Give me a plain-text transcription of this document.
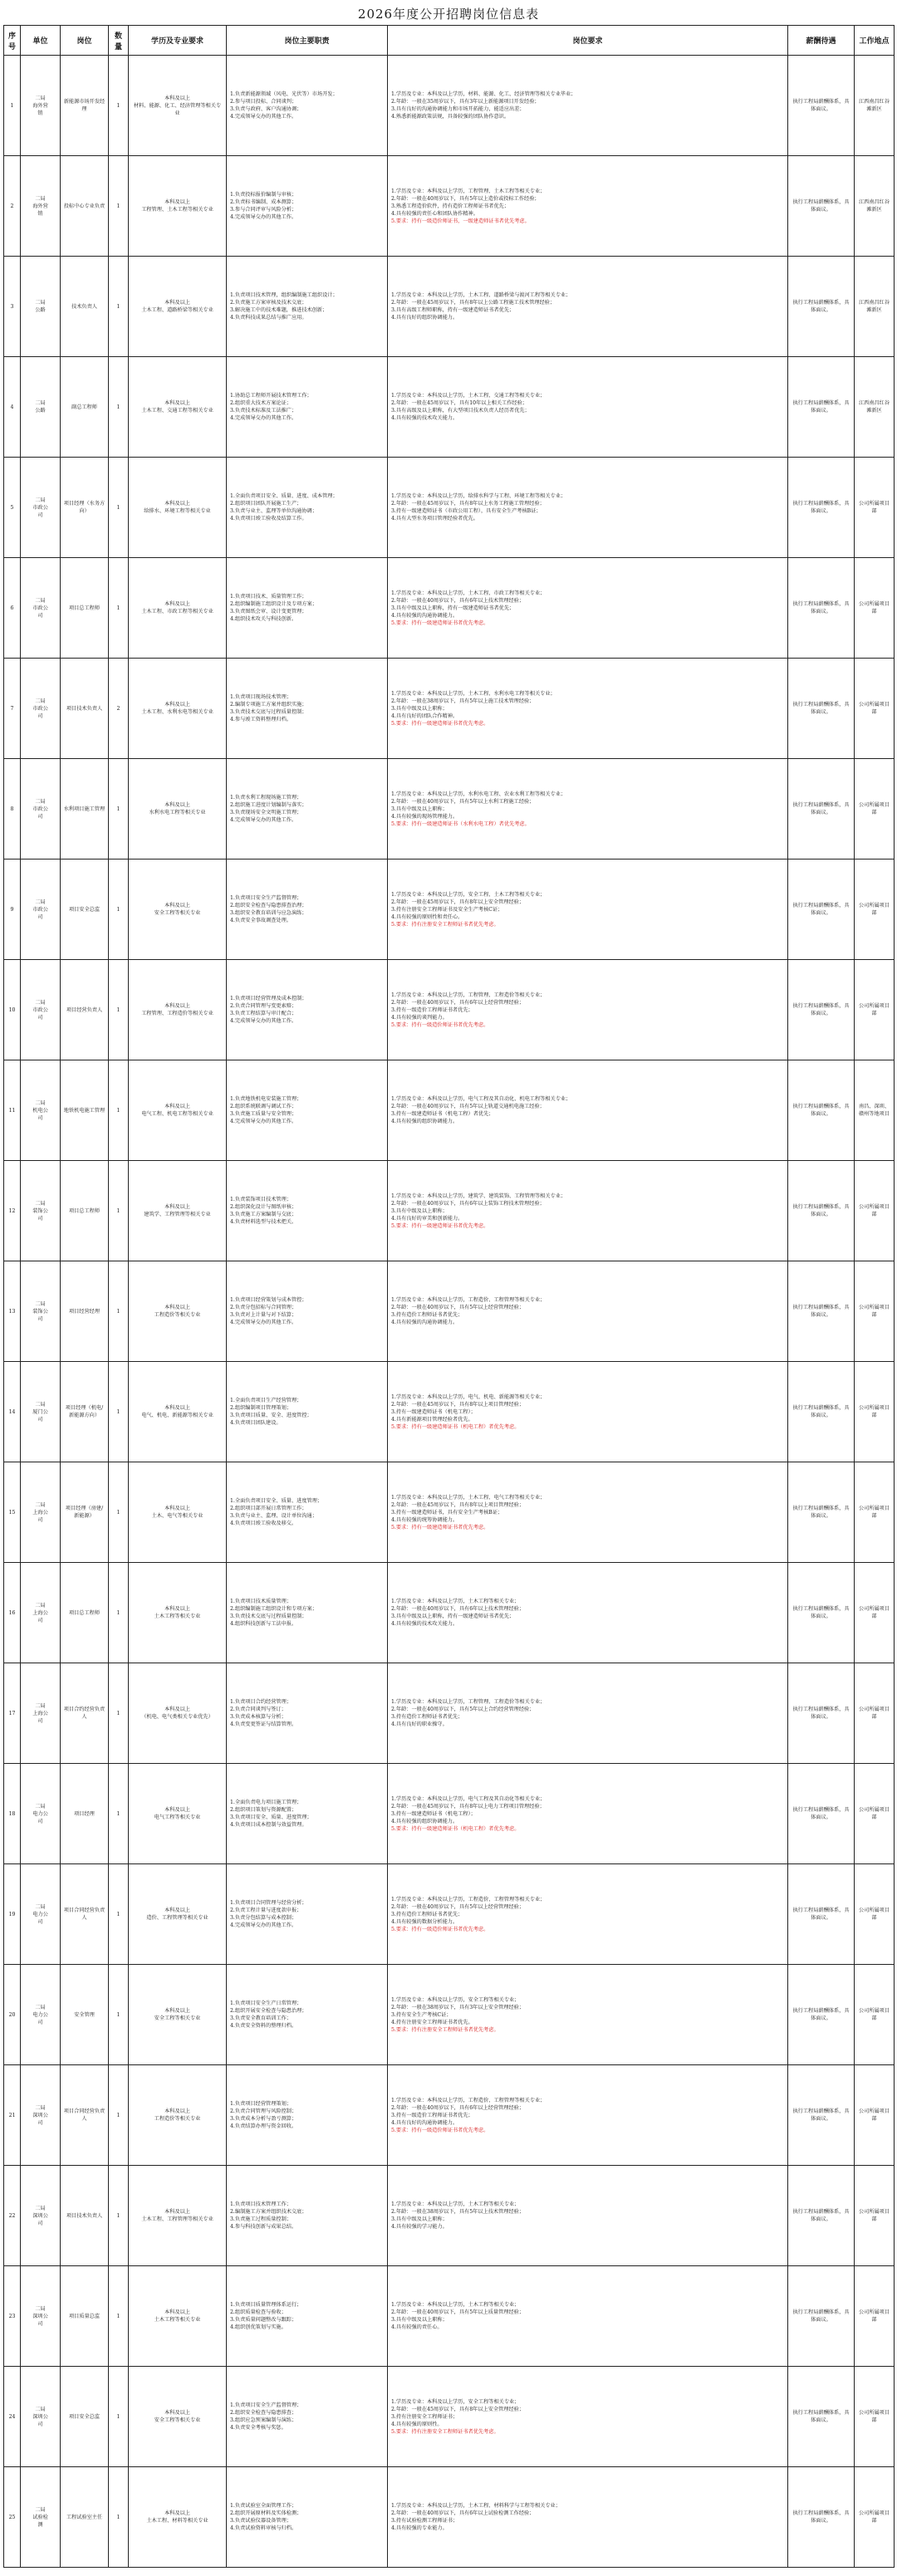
2026年度公开招聘岗位信息表
序号	单位	岗位	数量	学历及专业要求	岗位主要职责	岗位要求	薪酬待遇	工作地点
1	二局
海外营
销	新能源市场开发经理	1	本科及以上
材料、能源、化工、经济管理等相关专业	1.负责新能源领域（风电、光伏等）市场开发；
2.参与项目投标、合同谈判；
3.负责与政府、客户沟通协调；
4.完成领导交办的其他工作。	1.学历及专业：本科及以上学历，材料、能源、化工、经济管理等相关专业毕业；
2.年龄：一般在35周岁以下，具有3年以上新能源项目开发经验；
3.具有良好的沟通协调能力和市场开拓能力，能适应出差；
4.熟悉新能源政策法规，具备较强的团队协作意识。	执行工程局薪酬体系，具体面议。	江西南昌红谷滩新区
2	二局
海外营
销	投标中心专业负责	1	本科及以上
工程管理、土木工程等相关专业	1.负责投标报价编制与审核；
2.负责标书编制、成本测算；
3.参与合同评审与风险分析；
4.完成领导交办的其他工作。	1.学历及专业：本科及以上学历，工程管理、土木工程等相关专业；
2.年龄：一般在40周岁以下，具有5年以上造价或投标工作经验；
3.熟悉工程造价软件，持有造价工程师证书者优先；
4.具有较强的责任心和团队协作精神。
5.要求：持有一级造价师证书，一级建造师证书者优先考虑。	执行工程局薪酬体系，具体面议。	江西南昌红谷滩新区
3	二局
公路	技术负责人	1	本科及以上
土木工程、道路桥梁等相关专业	1.负责项目技术管理，组织编制施工组织设计；
2.负责施工方案审核及技术交底；
3.解决施工中的技术难题，推进技术创新；
4.负责科技成果总结与推广应用。	1.学历及专业：本科及以上学历，土木工程、道路桥梁与渡河工程等相关专业；
2.年龄：一般在45周岁以下，具有8年以上公路工程施工技术管理经验；
3.具有高级工程师职称，持有一级建造师证书者优先；
4.具有良好的组织协调能力。	执行工程局薪酬体系，具体面议。	江西南昌红谷滩新区
4	二局
公路	副总工程师	1	本科及以上
土木工程、交通工程等相关专业	1.协助总工程师开展技术管理工作；
2.组织重大技术方案论证；
3.负责技术标准及工法推广；
4.完成领导交办的其他工作。	1.学历及专业：本科及以上学历，土木工程、交通工程等相关专业；
2.年龄：一般在45周岁以下，具有10年以上相关工作经验；
3.具有高级及以上职称，有大型项目技术负责人经历者优先；
4.具有较强的技术攻关能力。	执行工程局薪酬体系，具体面议。	江西南昌红谷滩新区
5	二局
市政公
司	项目经理（水务方向）	1	本科及以上
给排水、环境工程等相关专业	1.全面负责项目安全、质量、进度、成本管理；
2.组织项目团队开展施工生产；
3.负责与业主、监理等单位沟通协调；
4.负责项目竣工验收及结算工作。	1.学历及专业：本科及以上学历，给排水科学与工程、环境工程等相关专业；
2.年龄：一般在45周岁以下，具有8年以上水务工程施工管理经验；
3.持有一级建造师证书（市政公用工程），具有安全生产考核B证；
4.具有大型水务项目管理经验者优先。	执行工程局薪酬体系，具体面议。	公司所属项目部
6	二局
市政公
司	项目总工程师	1	本科及以上
土木工程、市政工程等相关专业	1.负责项目技术、质量管理工作；
2.组织编制施工组织设计及专项方案；
3.负责图纸会审、设计变更管理；
4.组织技术攻关与科技创新。	1.学历及专业：本科及以上学历，土木工程、市政工程等相关专业；
2.年龄：一般在40周岁以下，具有6年以上技术管理经验；
3.具有中级及以上职称，持有一级建造师证书者优先；
4.具有较强的沟通协调能力。
5.要求：持有一级建造师证书者优先考虑。	执行工程局薪酬体系，具体面议。	公司所属项目部
7	二局
市政公
司	项目技术负责人	2	本科及以上
土木工程、水利水电等相关专业	1.负责项目现场技术管理；
2.编制专项施工方案并组织实施；
3.负责技术交底与过程质量控制；
4.参与竣工资料整理归档。	1.学历及专业：本科及以上学历，土木工程、水利水电工程等相关专业；
2.年龄：一般在38周岁以下，具有5年以上施工技术管理经验；
3.具有中级及以上职称；
4.具有良好的团队合作精神。
5.要求：持有一级建造师证书者优先考虑。	执行工程局薪酬体系，具体面议。	公司所属项目部
8	二局
市政公
司	水利项目施工管理	1	本科及以上
水利水电工程等相关专业	1.负责水利工程现场施工管理；
2.组织施工进度计划编制与落实；
3.负责现场安全文明施工管理；
4.完成领导交办的其他工作。	1.学历及专业：本科及以上学历，水利水电工程、农业水利工程等相关专业；
2.年龄：一般在40周岁以下，具有5年以上水利工程施工经验；
3.具有中级及以上职称；
4.具有较强的现场管理能力。
5.要求：持有一级建造师证书（水利水电工程）者优先考虑。	执行工程局薪酬体系，具体面议。	公司所属项目部
9	二局
市政公
司	项目安全总监	1	本科及以上
安全工程等相关专业	1.负责项目安全生产监督管理；
2.组织安全检查与隐患排查治理；
3.组织安全教育培训与应急演练；
4.负责安全事故调查处理。	1.学历及专业：本科及以上学历，安全工程、土木工程等相关专业；
2.年龄：一般在45周岁以下，具有8年以上安全管理经验；
3.持有注册安全工程师证书及安全生产考核C证；
4.具有较强的原则性和责任心。
5.要求：持有注册安全工程师证书者优先考虑。	执行工程局薪酬体系，具体面议。	公司所属项目部
10	二局
市政公
司	项目经营负责人	1	本科及以上
工程管理、工程造价等相关专业	1.负责项目经营管理及成本控制；
2.负责合同管理与变更索赔；
3.负责工程结算与审计配合；
4.完成领导交办的其他工作。	1.学历及专业：本科及以上学历，工程管理、工程造价等相关专业；
2.年龄：一般在40周岁以下，具有6年以上经营管理经验；
3.持有一级造价工程师证书者优先；
4.具有较强的谈判能力。
5.要求：持有一级造价师证书者优先考虑。	执行工程局薪酬体系，具体面议。	公司所属项目部
11	二局
机电公
司	地铁机电施工管理	1	本科及以上
电气工程、机电工程等相关专业	1.负责地铁机电安装施工管理；
2.组织系统联调与调试工作；
3.负责施工质量与安全管理；
4.完成领导交办的其他工作。	1.学历及专业：本科及以上学历，电气工程及其自动化、机电工程等相关专业；
2.年龄：一般在40周岁以下，具有5年以上轨道交通机电施工经验；
3.持有一级建造师证书（机电工程）者优先；
4.具有较强的组织协调能力。	执行工程局薪酬体系，具体面议。	南昌、深圳、赣州等地项目
12	二局
装饰公
司	项目总工程师	1	本科及以上
建筑学、工程管理等相关专业	1.负责装饰项目技术管理；
2.组织深化设计与图纸审核；
3.负责施工方案编制与交底；
4.负责材料选型与技术把关。	1.学历及专业：本科及以上学历，建筑学、建筑装饰、工程管理等相关专业；
2.年龄：一般在40周岁以下，具有6年以上装饰工程技术管理经验；
3.具有中级及以上职称；
4.具有良好的审美和创新能力。
5.要求：持有一级建造师证书者优先考虑。	执行工程局薪酬体系，具体面议。	公司所属项目部
13	二局
装饰公
司	项目经营经理	1	本科及以上
工程造价等相关专业	1.负责项目经营策划与成本管控；
2.负责分包招标与合同管理；
3.负责对上计量与对下结算；
4.完成领导交办的其他工作。	1.学历及专业：本科及以上学历，工程造价、工程管理等相关专业；
2.年龄：一般在40周岁以下，具有5年以上经营管理经验；
3.持有造价工程师证书者优先；
4.具有较强的沟通协调能力。	执行工程局薪酬体系，具体面议。	公司所属项目部
14	二局
厦门公
司	项目经理（机电/新能源方向）	1	本科及以上
电气、机电、新能源等相关专业	1.全面负责项目生产经营管理；
2.组织编制项目管理策划；
3.负责项目质量、安全、进度管控；
4.负责项目团队建设。	1.学历及专业：本科及以上学历，电气、机电、新能源等相关专业；
2.年龄：一般在45周岁以下，具有8年以上项目管理经验；
3.持有一级建造师证书（机电工程）；
4.具有新能源项目管理经验者优先。
5.要求：持有一级建造师证书（机电工程）者优先考虑。	执行工程局薪酬体系，具体面议。	公司所属项目部
15	二局
上海公
司	项目经理（房建/新能源）	1	本科及以上
土木、电气等相关专业	1.全面负责项目安全、质量、进度管理；
2.组织项目部开展日常管理工作；
3.负责与业主、监理、设计单位沟通；
4.负责项目竣工验收及移交。	1.学历及专业：本科及以上学历，土木工程、电气工程等相关专业；
2.年龄：一般在45周岁以下，具有8年以上项目管理经验；
3.持有一级建造师证书，具有安全生产考核B证；
4.具有较强的统筹协调能力。
5.要求：持有一级建造师证书者优先考虑。	执行工程局薪酬体系，具体面议。	公司所属项目部
16	二局
上海公
司	项目总工程师	1	本科及以上
土木工程等相关专业	1.负责项目技术质量管理；
2.组织编制施工组织设计和专项方案；
3.负责技术交底与过程质量控制；
4.组织科技创新与工法申报。	1.学历及专业：本科及以上学历，土木工程等相关专业；
2.年龄：一般在40周岁以下，具有6年以上技术管理经验；
3.具有中级及以上职称，持有一级建造师证书者优先；
4.具有较强的技术攻关能力。	执行工程局薪酬体系，具体面议。	公司所属项目部
17	二局
上海公
司	项目合约经营负责人	1	本科及以上
（机电、电气类相关专业优先）	1.负责项目合约经营管理；
2.负责合同谈判与签订；
3.负责成本核算与分析；
4.负责变更签证与结算管理。	1.学历及专业：本科及以上学历，工程管理、工程造价等相关专业；
2.年龄：一般在40周岁以下，具有5年以上合约经营管理经验；
3.持有造价工程师证书者优先；
4.具有良好的职业操守。	执行工程局薪酬体系，具体面议。	公司所属项目部
18	二局
电力公
司	项目经理	1	本科及以上
电气工程等相关专业	1.全面负责电力项目施工管理；
2.组织项目策划与资源配置；
3.负责项目安全、质量、进度管理；
4.负责项目成本控制与效益管理。	1.学历及专业：本科及以上学历，电气工程及其自动化等相关专业；
2.年龄：一般在45周岁以下，具有8年以上电力工程项目管理经验；
3.持有一级建造师证书（机电工程）；
4.具有较强的组织协调能力。
5.要求：持有一级建造师证书（机电工程）者优先考虑。	执行工程局薪酬体系，具体面议。	公司所属项目部
19	二局
电力公
司	项目合同经营负责人	1	本科及以上
造价、工程管理等相关专业	1.负责项目合同管理与经营分析；
2.负责工程计量与进度款申报；
3.负责分包结算与成本控制；
4.完成领导交办的其他工作。	1.学历及专业：本科及以上学历，工程造价、工程管理等相关专业；
2.年龄：一般在40周岁以下，具有5年以上经营管理经验；
3.持有造价工程师证书者优先；
4.具有较强的数据分析能力。
5.要求：持有一级造价师证书者优先考虑。	执行工程局薪酬体系，具体面议。	公司所属项目部
20	二局
电力公
司	安全管理	1	本科及以上
安全工程等相关专业	1.负责项目安全生产日常管理；
2.组织开展安全检查与隐患治理；
3.负责安全教育培训工作；
4.负责安全资料的整理归档。	1.学历及专业：本科及以上学历，安全工程等相关专业；
2.年龄：一般在38周岁以下，具有3年以上安全管理经验；
3.持有安全生产考核C证；
4.持有注册安全工程师证书者优先。
5.要求：持有注册安全工程师证书者优先考虑。	执行工程局薪酬体系，具体面议。	公司所属项目部
21	二局
深圳公
司	项目合同经营负责人	1	本科及以上
工程造价等相关专业	1.负责项目经营管理策划；
2.负责合同管理与风险控制；
3.负责成本分析与盈亏测算；
4.负责结算办理与资金回收。	1.学历及专业：本科及以上学历，工程造价、工程管理等相关专业；
2.年龄：一般在40周岁以下，具有6年以上经营管理经验；
3.持有一级造价工程师证书者优先；
4.具有良好的沟通协调能力。
5.要求：持有一级造价师证书者优先考虑。	执行工程局薪酬体系，具体面议。	公司所属项目部
22	二局
深圳公
司	项目技术负责人	1	本科及以上
土木工程、工程管理等相关专业	1.负责项目技术管理工作；
2.编制施工方案并组织技术交底；
3.负责施工过程质量控制；
4.参与科技创新与成果总结。	1.学历及专业：本科及以上学历，土木工程等相关专业；
2.年龄：一般在38周岁以下，具有5年以上技术管理经验；
3.具有中级及以上职称；
4.具有较强的学习能力。	执行工程局薪酬体系，具体面议。	公司所属项目部
23	二局
深圳公
司	项目质量总监	1	本科及以上
土木工程等相关专业	1.负责项目质量管理体系运行；
2.组织质量检查与验收；
3.负责质量问题整改与跟踪；
4.组织创优策划与实施。	1.学历及专业：本科及以上学历，土木工程等相关专业；
2.年龄：一般在40周岁以下，具有5年以上质量管理经验；
3.具有中级及以上职称；
4.具有较强的责任心。	执行工程局薪酬体系，具体面议。	公司所属项目部
24	二局
深圳公
司	项目安全总监	1	本科及以上
安全工程等相关专业	1.负责项目安全生产监督管理；
2.组织安全检查与隐患排查；
3.组织应急预案编制与演练；
4.负责安全考核与奖惩。	1.学历及专业：本科及以上学历，安全工程等相关专业；
2.年龄：一般在45周岁以下，具有8年以上安全管理经验；
3.持有注册安全工程师证书；
4.具有较强的原则性。
5.要求：持有注册安全工程师证书者优先考虑。	执行工程局薪酬体系，具体面议。	公司所属项目部
25	二局
试验检
测	工程试验室主任	1	本科及以上
土木工程、材料等相关专业	1.负责试验室全面管理工作；
2.组织开展原材料及实体检测；
3.负责试验仪器设备管理；
4.负责试验资料审核与归档。	1.学历及专业：本科及以上学历，土木工程、材料科学与工程等相关专业；
2.年龄：一般在40周岁以下，具有6年以上试验检测工作经验；
3.持有试验检测工程师证书；
4.具有较强的专业能力。	执行工程局薪酬体系，具体面议。	公司所属项目部
